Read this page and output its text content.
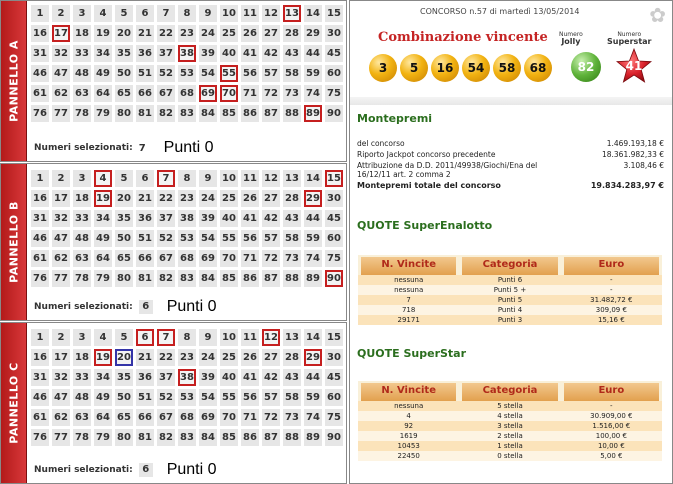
PANNELLO A
1	2	3	4	5	6	7	8	9	10 11 12 13 14 15
16 17 18 19 20 21 22 23 24 25 26 27 28 29 30
31 32 33 34 35 36 37 38 39 40 41 42 43 44 45
46 47 48 49 50 51 52 53 54 55 56 57 58 59 60
61 62 63 64 65 66 67 68 69 70 71 72 73 74 75
76 77 78 79 80 81 82 83 84 85 86 87 88 89 90
Numeri selezionati: 7 Punti 0
PANNELLO B
1	2	3	4	5	6	7	8	9	10 11 12 13 14 15
16 17 18 19 20 21 22 23 24 25 26 27 28 29 30
31 32 33 34 35 36 37 38 39 40 41 42 43 44 45
46 47 48 49 50 51 52 53 54 55 56 57 58 59 60
61 62 63 64 65 66 67 68 69 70 71 72 73 74 75
76 77 78 79 80 81 82 83 84 85 86 87 88 89 90
Numeri selezionati: 6 Punti 0
PANNELLO C
1	2	3	4	5	6	7	8	9	10 11 12 13 14 15
16 17 18 19 20 21 22 23 24 25 26 27 28 29 30
31 32 33 34 35 36 37 38 39 40 41 42 43 44 45
46 47 48 49 50 51 52 53 54 55 56 57 58 59 60
61 62 63 64 65 66 67 68 69 70 71 72 73 74 75
76 77 78 79 80 81 82 83 84 85 86 87 88 89 90
Numeri selezionati: 6 Punti 0
CONCORSO n.57 di martedì 13/05/2014	✿
Combinazione vincente
3	5	16	54	58	68
Numero
Jolly
82
Numero
Superstar
41
Montepremi
del concorso	1.469.193,18 €
Riporto Jackpot concorso precedente	18.361.982,33 €
Attribuzione da D.D. 2011/49938/Giochi/Ena del 16/12/11 art. 2 comma 2
3.108,46 €
Montepremi totale del concorso	19.834.283,97 €
QUOTE SuperEnalotto
N. Vincite	Categoria	Euro
nessuna	Punti 6	-
nessuna	Punti 5 +	-
7	Punti 5	31.482,72 €
718	Punti 4	309,09 €
29171	Punti 3	15,16 €
QUOTE SuperStar
N. Vincite	Categoria	Euro
nessuna	5 stella	-
4	4 stella	30.909,00 €
92	3 stella	1.516,00 €
1619	2 stella	100,00 €
10453	1 stella	10,00 €
22450	0 stella	5,00 €
